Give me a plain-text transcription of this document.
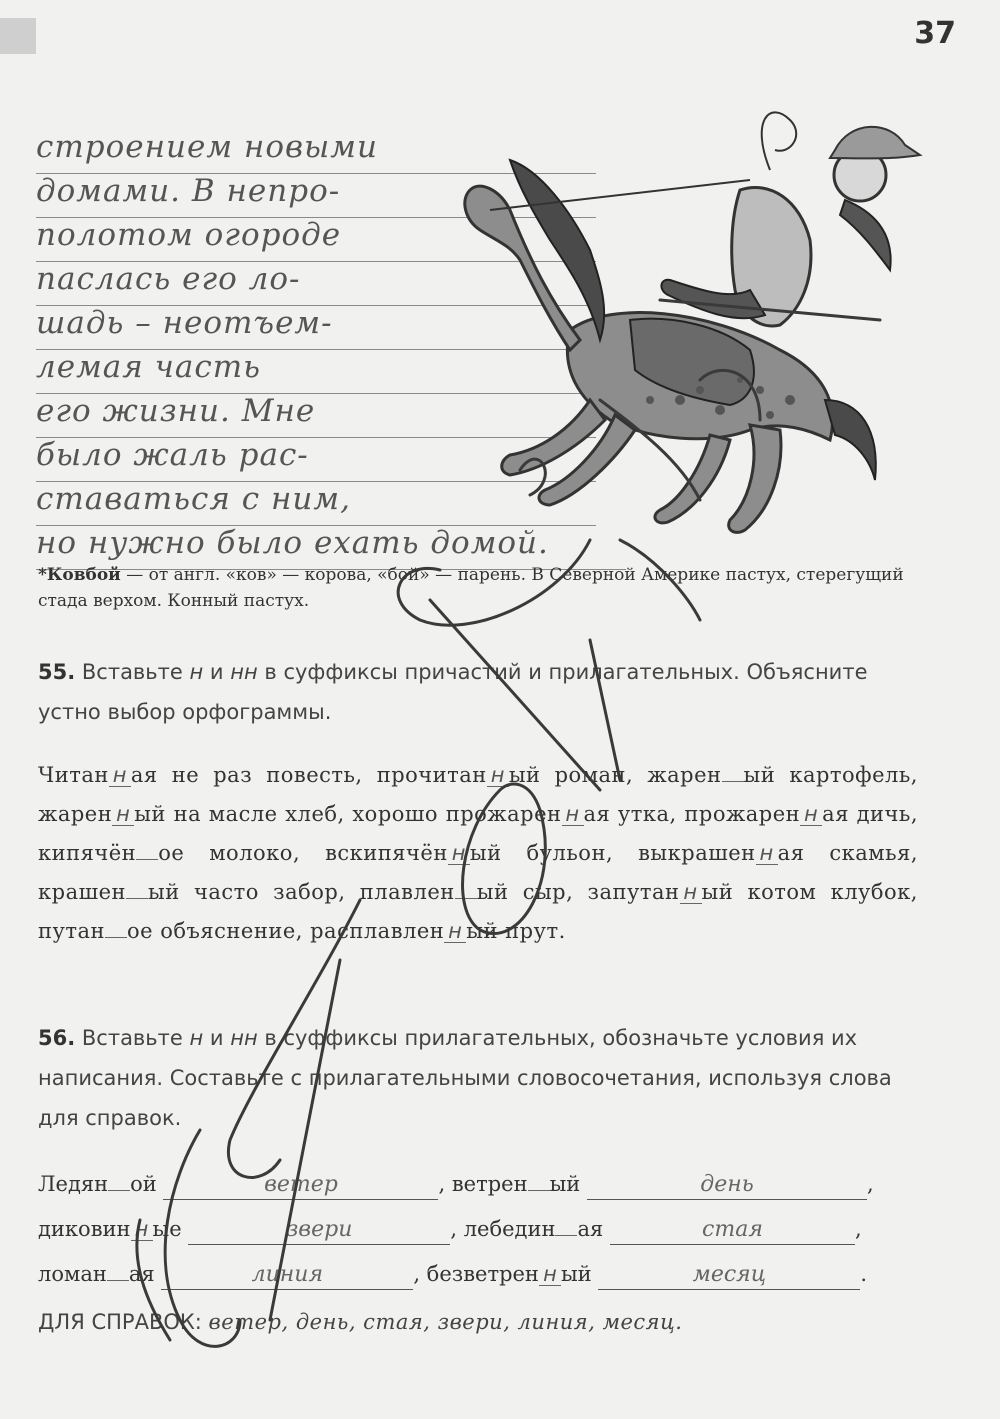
37
строением новыми
домами. В непро-
полотом огороде
паслась его ло-
шадь – неотъем-
лемая часть
его жизни. Мне
было жаль рас-
ставаться с ним,
но нужно было ехать домой.
*Ковбой — от англ. «ков» — корова, «бой» — парень. В Северной Америке пастух, стерегущий стада верхом. Конный пастух.
55. Вставьте н и нн в суффиксы причастий и прилагательных. Объясните устно выбор орфограммы.
Читан н ая не раз повесть, прочитан н ый роман, жарен ый картофель, жарен н ый на масле хлеб, хорошо прожарен н ая утка, прожарен н ая дичь, кипячён ое молоко, вскипячён н ый бульон, выкрашен н ая скамья, крашен ый часто забор, плавлен ый сыр, запутан н ый котом клубок, путан ое объяснение, расплавлен н ый прут.
56. Вставьте н и нн в суффиксы прилагательных, обозначьте условия их написания. Составьте с прилагательными словосочетания, используя слова для справок.
Ледян ой	ветер	, ветрен ый	день	,
диковин н ые	звери	, лебедин ая	стая	,
ломан ая	линия	, безветрен н ый	месяц	.
ДЛЯ СПРАВОК: ветер, день, стая, звери, линия, месяц.
